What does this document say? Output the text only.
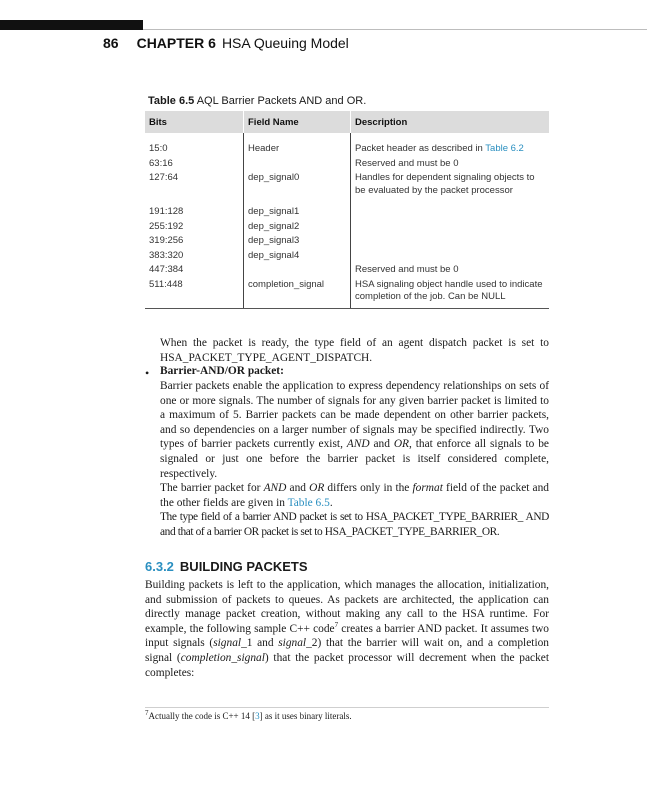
86 CHAPTER 6 HSA Queuing Model
Table 6.5 AQL Barrier Packets AND and OR.
Bits	Field Name	Description
15:0	Header	Packet header as described in Table 6.2
63:16		Reserved and must be 0
127:64	dep_signal0	Handles for dependent signaling objects to be evaluated by the packet processor
191:128	dep_signal1	
255:192	dep_signal2	
319:256	dep_signal3	
383:320	dep_signal4	
447:384		Reserved and must be 0
511:448	completion_signal	HSA signaling object handle used to indicate completion of the job. Can be NULL
When the packet is ready, the type field of an agent dispatch packet is set to HSA_PACKET_TYPE_AGENT_DISPATCH.
• Barrier-AND/OR packet:
Barrier packets enable the application to express dependency relationships on sets of one or more signals. The number of signals for any given barrier packet is limited to a maximum of 5. Barrier packets can be made dependent on other barrier packets, and so dependencies on a larger number of signals may be specified indirectly. Two types of barrier packets currently exist, AND and OR, that enforce all signals to be signaled or just one before the barrier packet is itself considered complete, respectively.
The barrier packet for AND and OR differs only in the format field of the packet and the other fields are given in Table 6.5.
The type field of a barrier AND packet is set to HSA_PACKET_TYPE_BARRIER_ AND and that of a barrier OR packet is set to HSA_PACKET_TYPE_BARRIER_OR.
6.3.2 BUILDING PACKETS
Building packets is left to the application, which manages the allocation, initialization, and submission of packets to queues. As packets are architected, the application can directly manage packet creation, without making any call to the HSA runtime. For example, the following sample C++ code$^7$ creates a barrier AND packet. It assumes two input signals (signal_1 and signal_2) that the barrier will wait on, and a completion signal (completion_signal) that the packet processor will decrement when the packet completes:
$^7$Actually the code is C++ 14 [3] as it uses binary literals.
